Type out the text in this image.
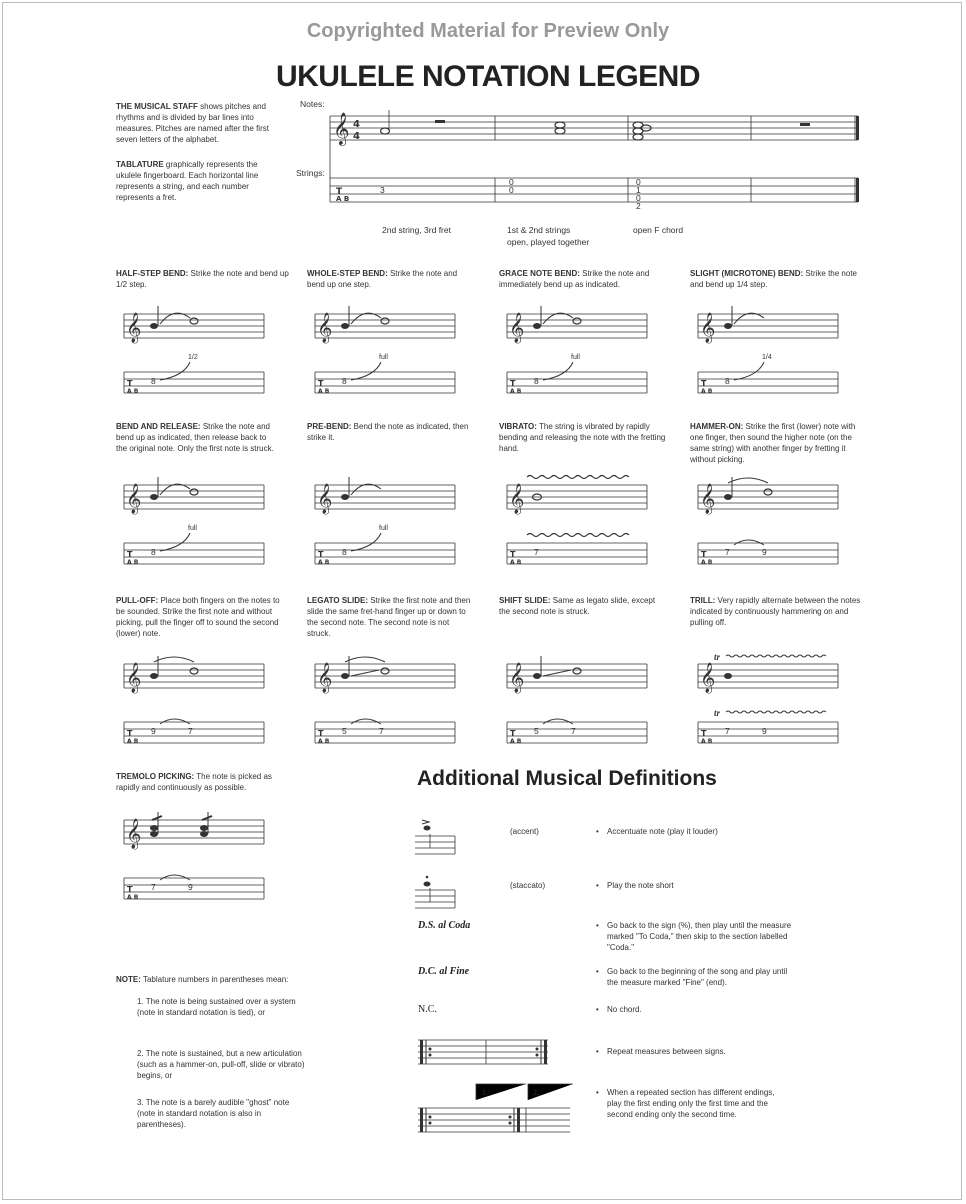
Copyrighted Material for Preview Only
UKULELE NOTATION LEGEND
THE MUSICAL STAFF shows pitches and rhythms and is divided by bar lines into measures. Pitches are named after the first seven letters of the alphabet.
TABLATURE graphically represents the ukulele fingerboard. Each horizontal line represents a string, and each number represents a fret.
Notes:
Strings:
𝄞 4
4
T
A B
3
0
0
0
1
0
2
2nd string, 3rd fret	1st & 2nd strings
open, played together
open F chord
HALF-STEP BEND: Strike the note and bend up 1/2 step.
WHOLE-STEP BEND: Strike the note and bend up one step.
GRACE NOTE BEND: Strike the note and immediately bend up as indicated.
SLIGHT (MICROTONE) BEND: Strike the note and bend up 1/4 step.
BEND AND RELEASE: Strike the note and bend up as indicated, then release back to the original note. Only the first note is struck.
PRE-BEND: Bend the note as indicated, then strike it.
VIBRATO: The string is vibrated by rapidly bending and releasing the note with the fretting hand.
HAMMER-ON: Strike the first (lower) note with one finger, then sound the higher note (on the same string) with another finger by fretting it without picking.
PULL-OFF: Place both fingers on the notes to be sounded. Strike the first note and without picking, pull the finger off to sound the second (lower) note.
LEGATO SLIDE: Strike the first note and then slide the same fret-hand finger up or down to the second note. The second note is not struck.
SHIFT SLIDE: Same as legato slide, except the second note is struck.
TRILL: Very rapidly alternate between the notes indicated by continuously hammering on and pulling off.
TREMOLO PICKING: The note is picked as rapidly and continuously as possible.
𝄞
T
A B
8
1/2
𝄞
T
A B
8
full
𝄞
T
A B
8
full
𝄞
T
A B
8
1/4
𝄞
T
A B
8
full
𝄞
T
A B
8
full
𝄞
T
A B
7
𝄞
T
A B
7	9
𝄞
T
A B
9	7
𝄞
T
A B
5	7
𝄞
T
A B
5	7
𝄞
T
A B
tr
tr
7	9
𝄞
T
A B
7	9
Additional Musical Definitions
(accent)	• Accentuate note (play it louder)
(staccato)	• Play the note short
D.S. al Coda	• Go back to the sign (%), then play until the measure marked "To Coda," then skip to the section labelled "Coda."
D.C. al Fine	• Go back to the beginning of the song and play until the measure marked "Fine" (end).
N.C.	• No chord.
• Repeat measures between signs.
1.	2.	• When a repeated section has different endings, play the first ending only the first time and the second ending only the second time.
NOTE: Tablature numbers in parentheses mean:
1. The note is being sustained over a system (note in standard notation is tied), or
2. The note is sustained, but a new articulation (such as a hammer-on, pull-off, slide or vibrato) begins, or
3. The note is a barely audible "ghost" note (note in standard notation is also in parentheses).
